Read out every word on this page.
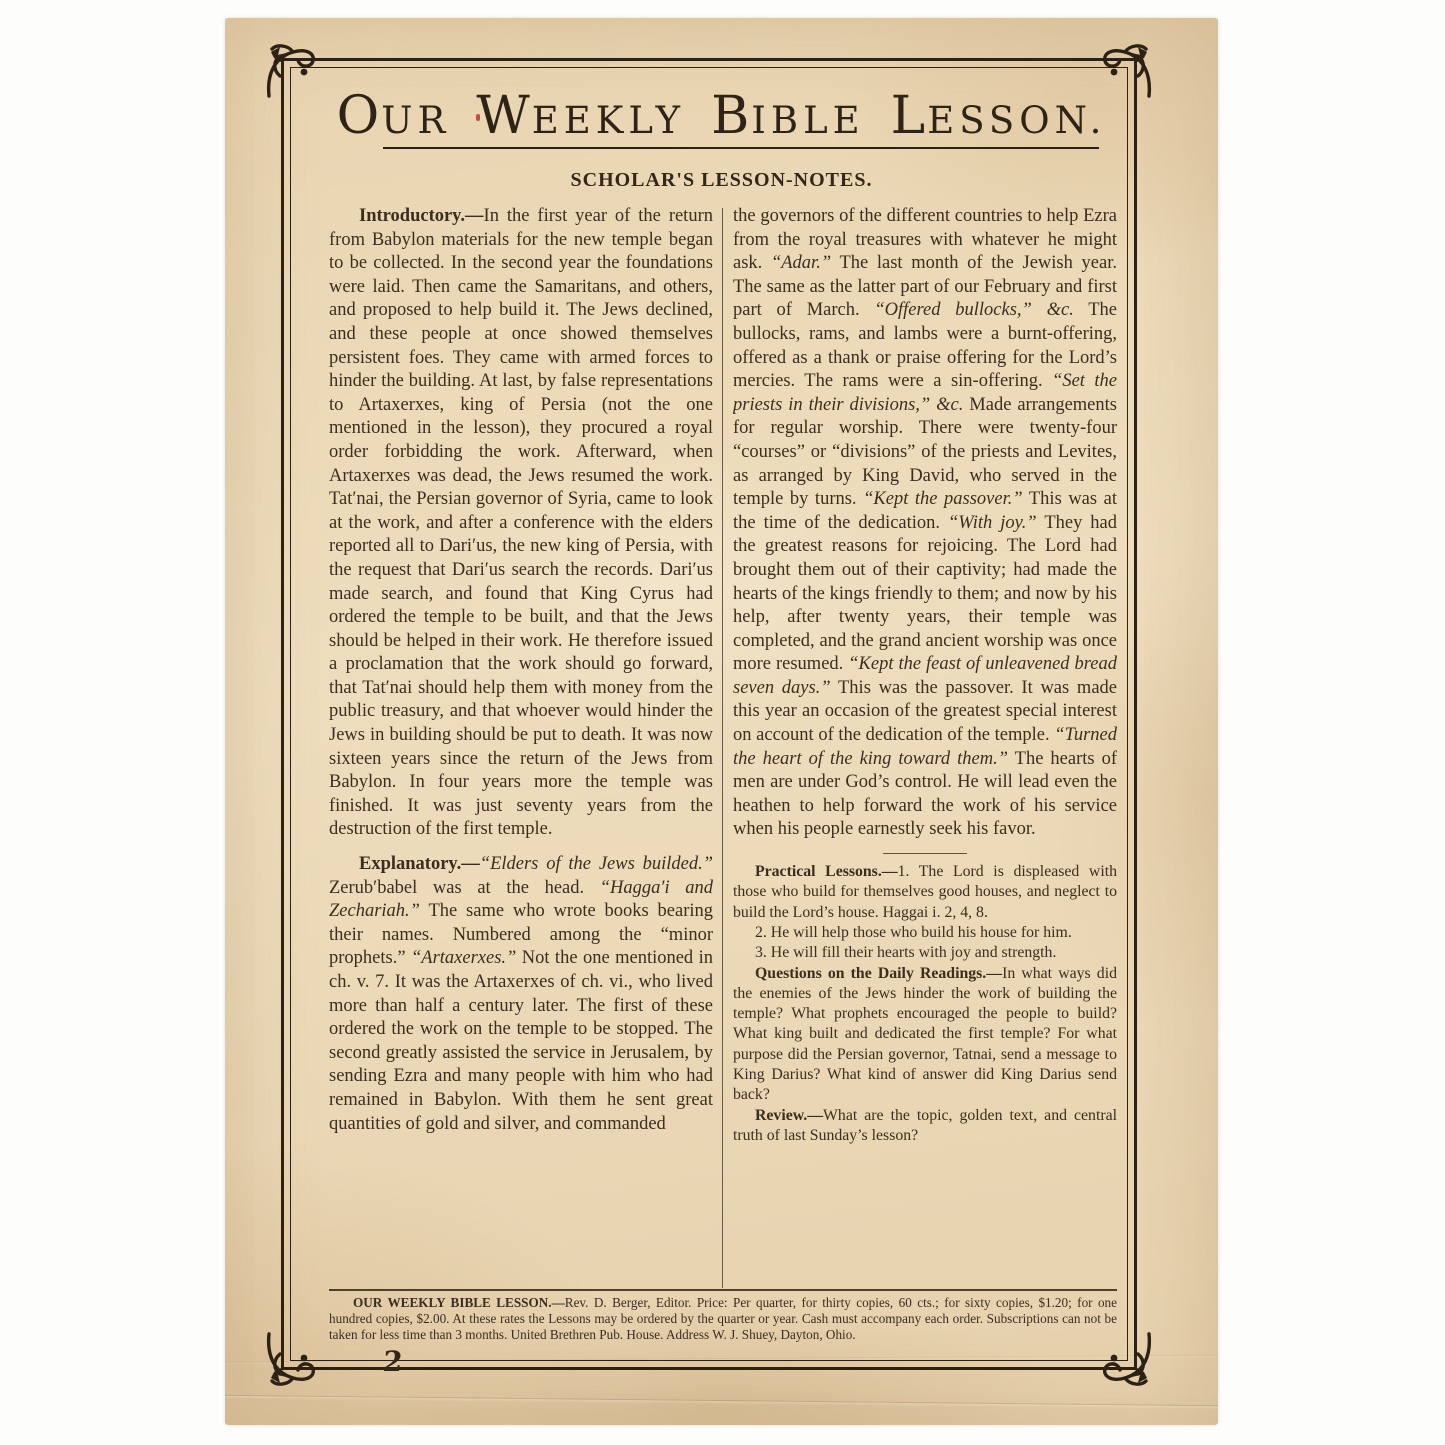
OUR WEEKLY BIBLE LESSON.
SCHOLAR'S LESSON-NOTES.

Introductory.—In the first year of the return from Babylon materials for the new temple began to be collected. In the second year the foundations were laid. Then came the Samaritans, and others, and proposed to help build it. The Jews declined, and these people at once showed themselves persistent foes. They came with armed forces to hinder the building. At last, by false representations to Artaxerxes, king of Persia (not the one mentioned in the lesson), they procured a royal order forbidding the work. Afterward, when Artaxerxes was dead, the Jews resumed the work. Tat′nai, the Persian governor of Syria, came to look at the work, and after a conference with the elders reported all to Dari′us, the new king of Persia, with the request that Dari′us search the records. Dari′us made search, and found that King Cyrus had ordered the temple to be built, and that the Jews should be helped in their work. He therefore issued a proclamation that the work should go forward, that Tat′nai should help them with money from the public treasury, and that whoever would hinder the Jews in building should be put to death. It was now sixteen years since the return of the Jews from Babylon. In four years more the temple was finished. It was just seventy years from the destruction of the first temple.

Explanatory.—“Elders of the Jews builded.” Zerub′babel was at the head. “Hagga′i and Zechariah.” The same who wrote books bearing their names. Numbered among the “minor prophets.” “Artaxerxes.” Not the one mentioned in ch. v. 7. It was the Artaxerxes of ch. vi., who lived more than half a century later. The first of these ordered the work on the temple to be stopped. The second greatly assisted the service in Jerusalem, by sending Ezra and many people with him who had remained in Babylon. With them he sent great quantities of gold and silver, and commanded

the governors of the different countries to help Ezra from the royal treasures with whatever he might ask. “Adar.” The last month of the Jewish year. The same as the latter part of our February and first part of March. “Offered bullocks,” &c. The bullocks, rams, and lambs were a burnt-offering, offered as a thank or praise offering for the Lord’s mercies. The rams were a sin-offering. “Set the priests in their divisions,” &c. Made arrangements for regular worship. There were twenty-four “courses” or “divisions” of the priests and Levites, as arranged by King David, who served in the temple by turns. “Kept the passover.” This was at the time of the dedication. “With joy.” They had the greatest reasons for rejoicing. The Lord had brought them out of their captivity; had made the hearts of the kings friendly to them; and now by his help, after twenty years, their temple was completed, and the grand ancient worship was once more resumed. “Kept the feast of unleavened bread seven days.” This was the passover. It was made this year an occasion of the greatest special interest on account of the dedication of the temple. “Turned the heart of the king toward them.” The hearts of men are under God’s control. He will lead even the heathen to help forward the work of his service when his people earnestly seek his favor.

Practical Lessons.—1. The Lord is displeased with those who build for themselves good houses, and neglect to build the Lord’s house. Haggai i. 2, 4, 8.

2. He will help those who build his house for him.

3. He will fill their hearts with joy and strength.

Questions on the Daily Readings.—In what ways did the enemies of the Jews hinder the work of building the temple? What prophets encouraged the people to build? What king built and dedicated the first temple? For what purpose did the Persian governor, Tatnai, send a message to King Darius? What kind of answer did King Darius send back?

Review.—What are the topic, golden text, and central truth of last Sunday’s lesson?

OUR WEEKLY BIBLE LESSON.—Rev. D. Berger, Editor. Price: Per quarter, for thirty copies, 60 cts.; for sixty copies, $1.20; for one hundred copies, $2.00. At these rates the Lessons may be ordered by the quarter or year. Cash must accompany each order. Subscriptions can not be taken for less time than 3 months. United Brethren Pub. House. Address W. J. Shuey, Dayton, Ohio.

2
